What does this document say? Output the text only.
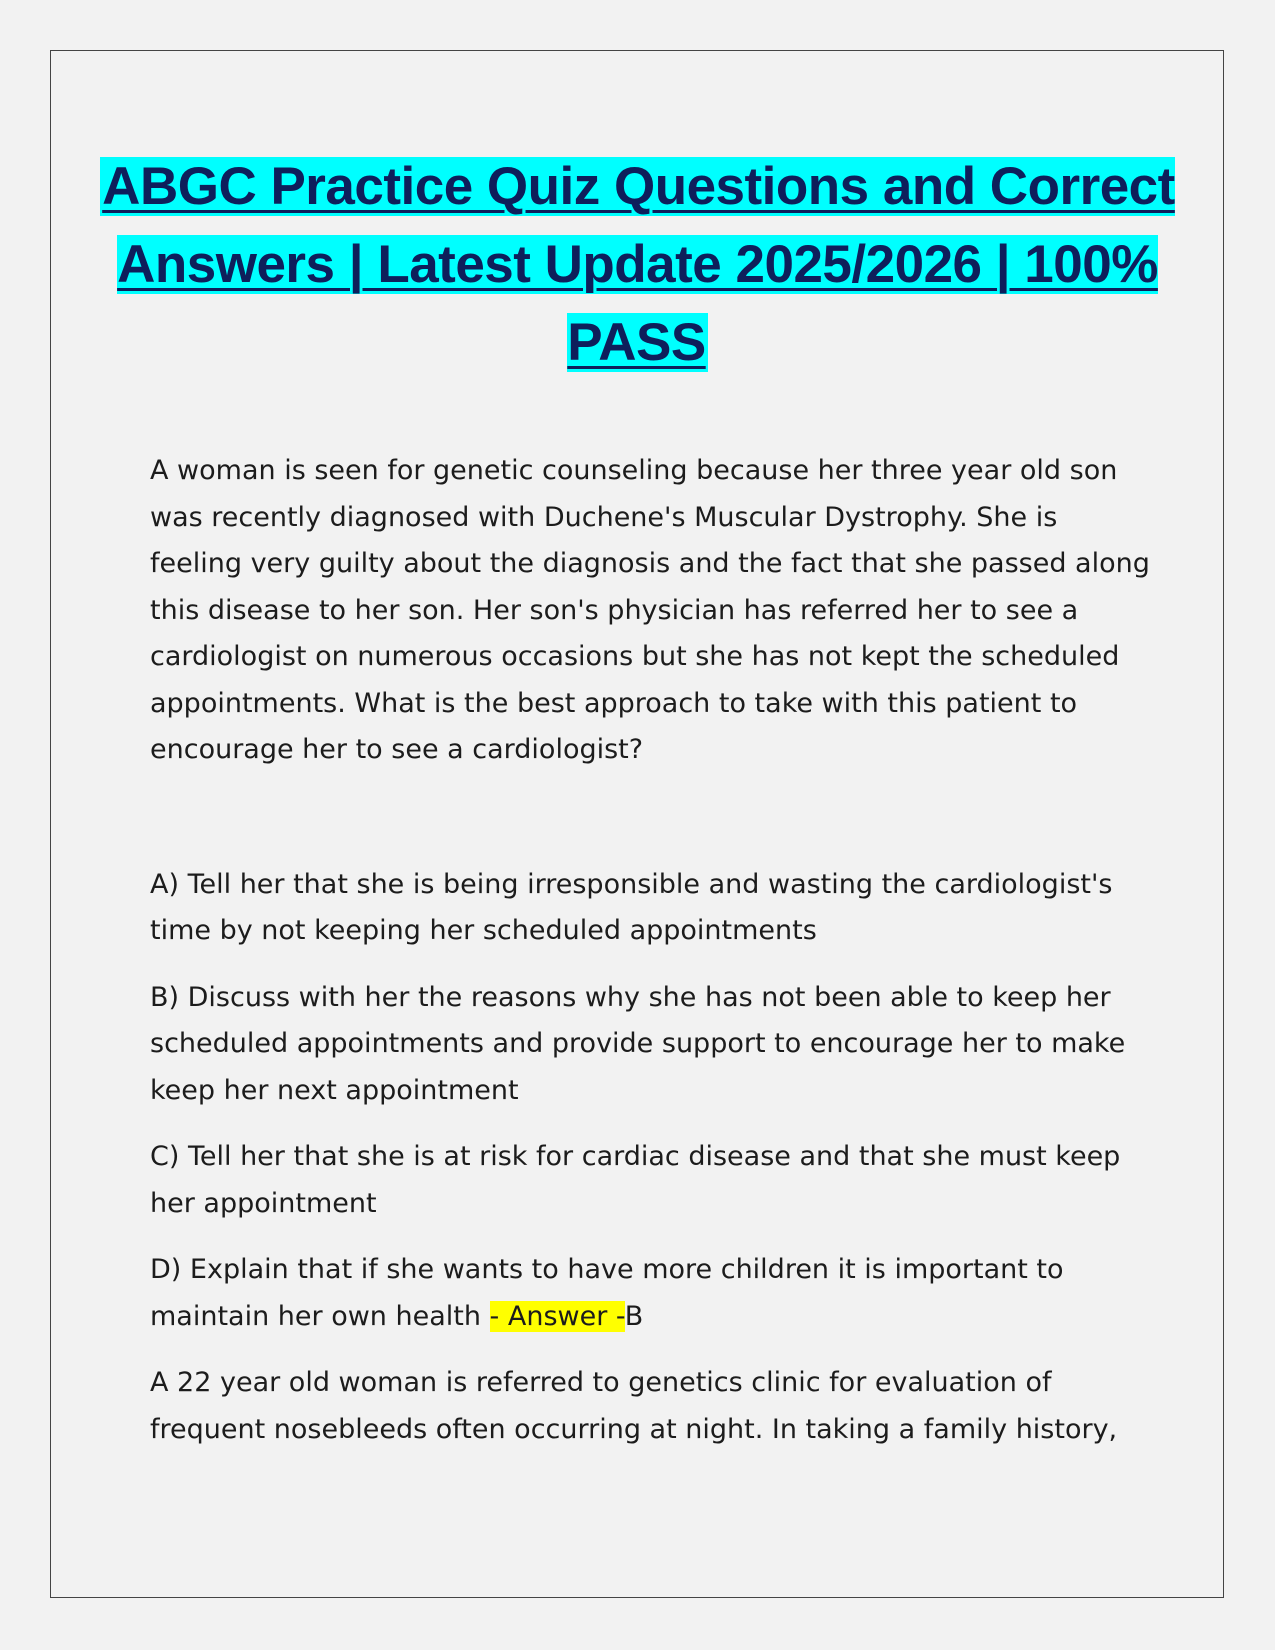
ABGC Practice Quiz Questions and Correct Answers | Latest Update 2025/2026 | 100% PASS

A woman is seen for genetic counseling because her three year old son was recently diagnosed with Duchene's Muscular Dystrophy. She is feeling very guilty about the diagnosis and the fact that she passed along this disease to her son. Her son's physician has referred her to see a cardiologist on numerous occasions but she has not kept the scheduled appointments. What is the best approach to take with this patient to encourage her to see a cardiologist?

A) Tell her that she is being irresponsible and wasting the cardiologist's time by not keeping her scheduled appointments

B) Discuss with her the reasons why she has not been able to keep her scheduled appointments and provide support to encourage her to make keep her next appointment

C) Tell her that she is at risk for cardiac disease and that she must keep her appointment

D) Explain that if she wants to have more children it is important to maintain her own health - Answer -B

A 22 year old woman is referred to genetics clinic for evaluation of frequent nosebleeds often occurring at night. In taking a family history,
